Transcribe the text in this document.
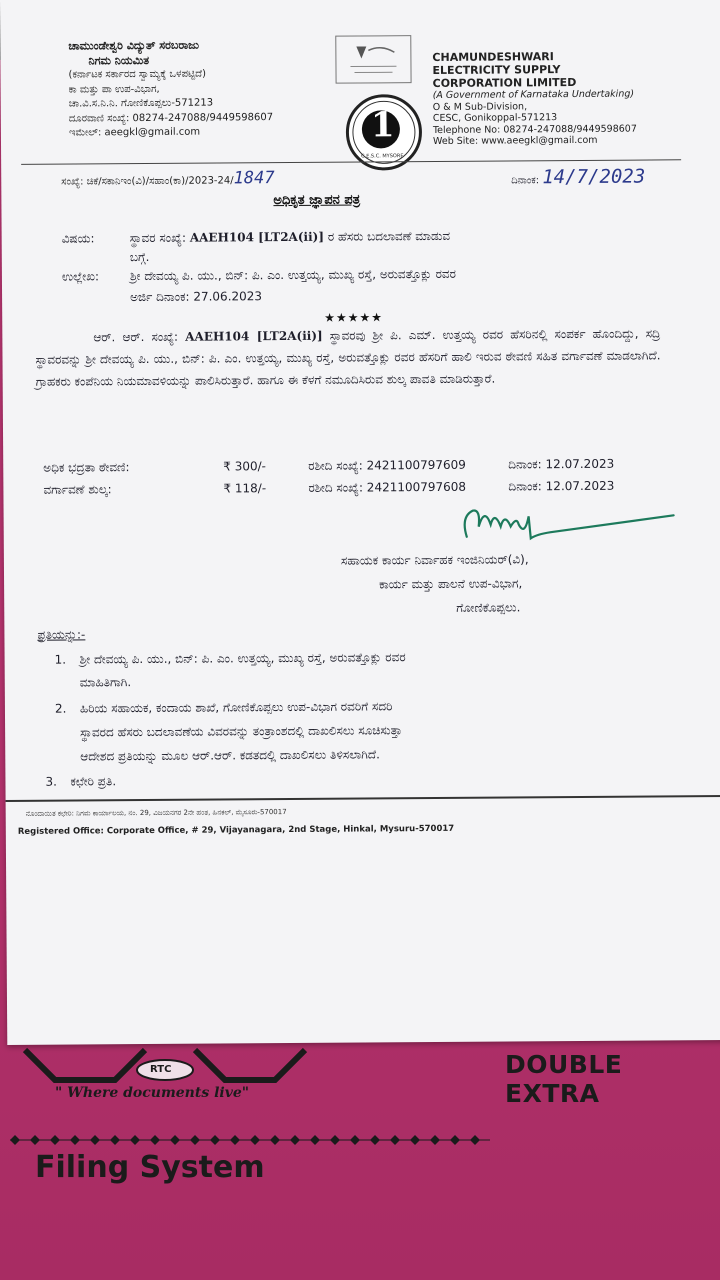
RTC
" Where documents live"
Filing System
DOUBLE EXTRA
ಚಾಮುಂಡೇಶ್ವರಿ ವಿದ್ಯುತ್ ಸರಬರಾಜು
ನಿಗಮ ನಿಯಮಿತ
(ಕರ್ನಾಟಕ ಸರ್ಕಾರದ ಸ್ವಾಮ್ಯಕ್ಕೆ ಒಳಪಟ್ಟಿದೆ)
ಕಾ ಮತ್ತು ಪಾ ಉಪ-ವಿಭಾಗ,
ಚಾ.ವಿ.ಸ.ನಿ.ನಿ. ಗೋಣಿಕೊಪ್ಪಲು-571213
ದೂರವಾಣಿ ಸಂಖ್ಯೆ: 08274-247088/9449598607
ಇಮೇಲ್: aeegkl@gmail.com	1
C.E.S.C. MYSORE
CHAMUNDESHWARI
ELECTRICITY SUPPLY
CORPORATION LIMITED
(A Government of Karnataka Undertaking)
O & M Sub-Division,
CESC, Gonikoppal-571213
Telephone No: 08274-247088/9449598607
Web Site: www.aeegkl@gmail.com
ಸಂಖ್ಯೆ: ಚಿಕೆ/ಸಕಾನಿಇಂ(ವಿ)/ಸಹಾಂ(ಕಾ)/2023-24/1847	ದಿನಾಂಕ: 14/7/2023
ಅಧಿಕೃತ ಜ್ಞಾಪನ ಪತ್ರ
ವಿಷಯ:	ಸ್ಥಾವರ ಸಂಖ್ಯೆ: AAEH104 [LT2A(ii)] ರ ಹೆಸರು ಬದಲಾವಣೆ ಮಾಡುವ
ಬಗ್ಗೆ.
ಉಲ್ಲೇಖ:	ಶ್ರೀ ದೇವಯ್ಯ ಪಿ. ಯು., ಬಿನ್: ಪಿ. ಎಂ. ಉತ್ತಯ್ಯ, ಮುಖ್ಯ ರಸ್ತೆ, ಅರುವತ್ತೊಕ್ಲು ರವರ
ಅರ್ಜಿ ದಿನಾಂಕ: 27.06.2023
★★★★★
ಆರ್. ಆರ್. ಸಂಖ್ಯೆ: AAEH104 [LT2A(ii)] ಸ್ಥಾವರವು ಶ್ರೀ ಪಿ. ಎಮ್. ಉತ್ತಯ್ಯ ರವರ ಹೆಸರಿನಲ್ಲಿ ಸಂಪರ್ಕ ಹೊಂದಿದ್ದು, ಸದ್ರಿ ಸ್ಥಾವರವನ್ನು ಶ್ರೀ ದೇವಯ್ಯ ಪಿ. ಯು., ಬಿನ್: ಪಿ. ಎಂ. ಉತ್ತಯ್ಯ, ಮುಖ್ಯ ರಸ್ತೆ, ಅರುವತ್ತೊಕ್ಲು ರವರ ಹೆಸರಿಗೆ ಹಾಲಿ ಇರುವ ಠೇವಣಿ ಸಹಿತ ವರ್ಗಾವಣೆ ಮಾಡಲಾಗಿದೆ. ಗ್ರಾಹಕರು ಕಂಪೆನಿಯ ನಿಯಮಾವಳಿಯನ್ನು ಪಾಲಿಸಿರುತ್ತಾರೆ. ಹಾಗೂ ಈ ಕೆಳಗೆ ನಮೂದಿಸಿರುವ ಶುಲ್ಕ ಪಾವತಿ ಮಾಡಿರುತ್ತಾರೆ.
ಅಧಿಕ ಭದ್ರತಾ ಠೇವಣಿ:	₹ 300/-	ರಶೀದಿ ಸಂಖ್ಯೆ: 2421100797609	ದಿನಾಂಕ: 12.07.2023
ವರ್ಗಾವಣೆ ಶುಲ್ಕ:	₹ 118/-	ರಶೀದಿ ಸಂಖ್ಯೆ: 2421100797608	ದಿನಾಂಕ: 12.07.2023
ಸಹಾಯಕ ಕಾರ್ಯ ನಿರ್ವಾಹಕ ಇಂಜಿನಿಯರ್(ವಿ),
ಕಾರ್ಯ ಮತ್ತು ಪಾಲನೆ ಉಪ-ವಿಭಾಗ,
ಗೋಣಿಕೊಪ್ಪಲು.
ಪ್ರತಿಯನ್ನು:-
1. ಶ್ರೀ ದೇವಯ್ಯ ಪಿ. ಯು., ಬಿನ್: ಪಿ. ಎಂ. ಉತ್ತಯ್ಯ, ಮುಖ್ಯ ರಸ್ತೆ, ಅರುವತ್ತೊಕ್ಲು ರವರ
ಮಾಹಿತಿಗಾಗಿ.
2. ಹಿರಿಯ ಸಹಾಯಕ, ಕಂದಾಯ ಶಾಖೆ, ಗೋಣಿಕೊಪ್ಪಲು ಉಪ-ವಿಭಾಗ ರವರಿಗೆ ಸದರಿ
ಸ್ಥಾವರದ ಹೆಸರು ಬದಲಾವಣೆಯ ವಿವರವನ್ನು ತಂತ್ರಾಂಶದಲ್ಲಿ ದಾಖಲಿಸಲು ಸೂಚಿಸುತ್ತಾ
ಆದೇಶದ ಪ್ರತಿಯನ್ನು ಮೂಲ ಆರ್.ಆರ್. ಕಡತದಲ್ಲಿ ದಾಖಲಿಸಲು ತಿಳಿಸಲಾಗಿದೆ.
3. ಕಛೇರಿ ಪ್ರತಿ.
ನೊಂದಾಯಿತ ಕಛೇರಿ: ನಿಗಮ ಕಾರ್ಯಾಲಯ, ನಂ. 29, ವಿಜಯನಗರ 2ನೇ ಹಂತ, ಹಿನಕಲ್, ಮೈಸೂರು-570017
Registered Office: Corporate Office, # 29, Vijayanagara, 2nd Stage, Hinkal, Mysuru-570017
